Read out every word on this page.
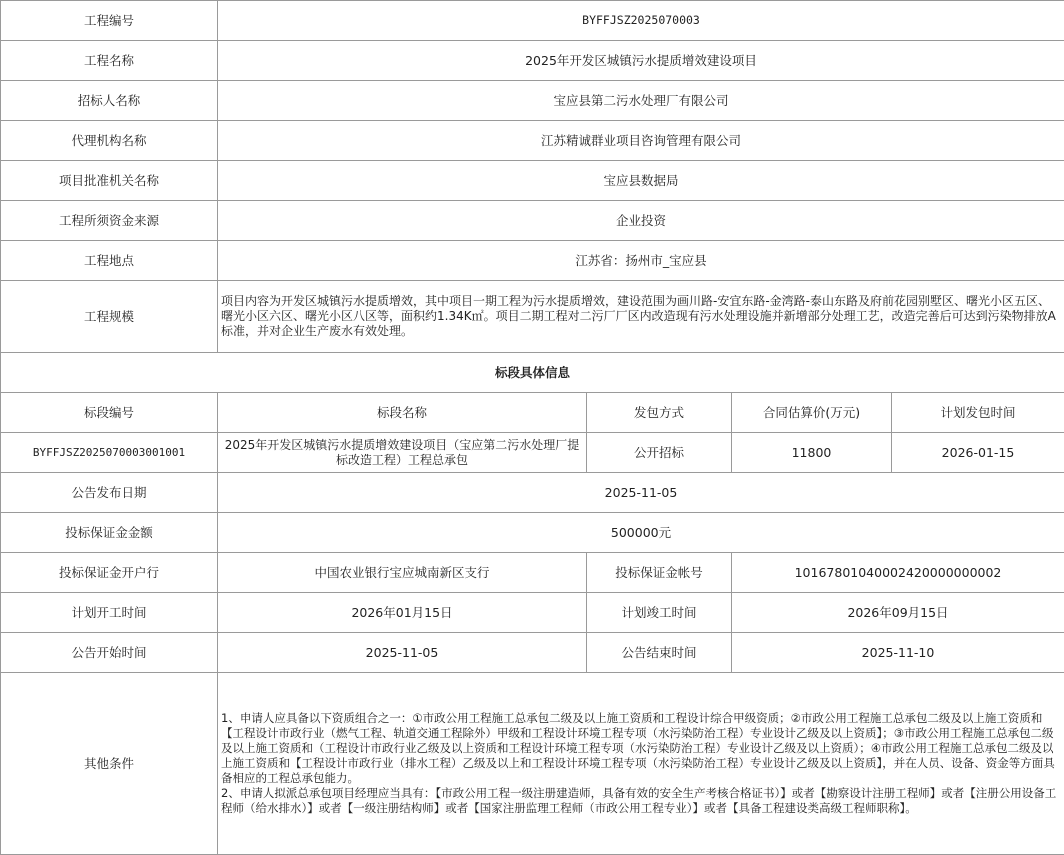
工程编号	BYFFJSZ2025070003			
工程名称	2025年开发区城镇污水提质增效建设项目			
招标人名称	宝应县第二污水处理厂有限公司			
代理机构名称	江苏精诚群业项目咨询管理有限公司			
项目批准机关名称	宝应县数据局			
工程所须资金来源	企业投资			
工程地点	江苏省：扬州市_宝应县			
工程规模	项目内容为开发区城镇污水提质增效，其中项目一期工程为污水提质增效，建设范围为画川路-安宜东路-金湾路-泰山东路及府前花园别墅区、曙光小区五区、曙光小区六区、曙光小区八区等，面积约1.34K㎡。项目二期工程对二污厂厂区内改造现有污水处理设施并新增部分处理工艺，改造完善后可达到污染物排放A标准，并对企业生产废水有效处理。			
标段具体信息				
标段编号	标段名称	发包方式	合同估算价(万元)	计划发包时间
BYFFJSZ2025070003001001	2025年开发区城镇污水提质增效建设项目（宝应第二污水处理厂提标改造工程）工程总承包	公开招标	11800	2026-01-15
公告发布日期	2025-11-05			
投标保证金金额	500000元			
投标保证金开户行	中国农业银行宝应城南新区支行	投标保证金帐号	10167801040002420000000002	
计划开工时间	2026年01月15日	计划竣工时间	2026年09月15日	
公告开始时间	2025-11-05	公告结束时间	2025-11-10	
其他条件	1、申请人应具备以下资质组合之一：①市政公用工程施工总承包二级及以上施工资质和工程设计综合甲级资质；②市政公用工程施工总承包二级及以上施工资质和【工程设计市政行业（燃气工程、轨道交通工程除外）甲级和工程设计环境工程专项（水污染防治工程）专业设计乙级及以上资质】；③市政公用工程施工总承包二级及以上施工资质和（工程设计市政行业乙级及以上资质和工程设计环境工程专项（水污染防治工程）专业设计乙级及以上资质）；④市政公用工程施工总承包二级及以上施工资质和【工程设计市政行业（排水工程）乙级及以上和工程设计环境工程专项（水污染防治工程）专业设计乙级及以上资质】，并在人员、设备、资金等方面具备相应的工程总承包能力。
2、申请人拟派总承包项目经理应当具有：【市政公用工程一级注册建造师，具备有效的安全生产考核合格证书）】或者【勘察设计注册工程师】或者【注册公用设备工程师（给水排水）】或者【一级注册结构师】或者【国家注册监理工程师（市政公用工程专业）】或者【具备工程建设类高级工程师职称】。			
